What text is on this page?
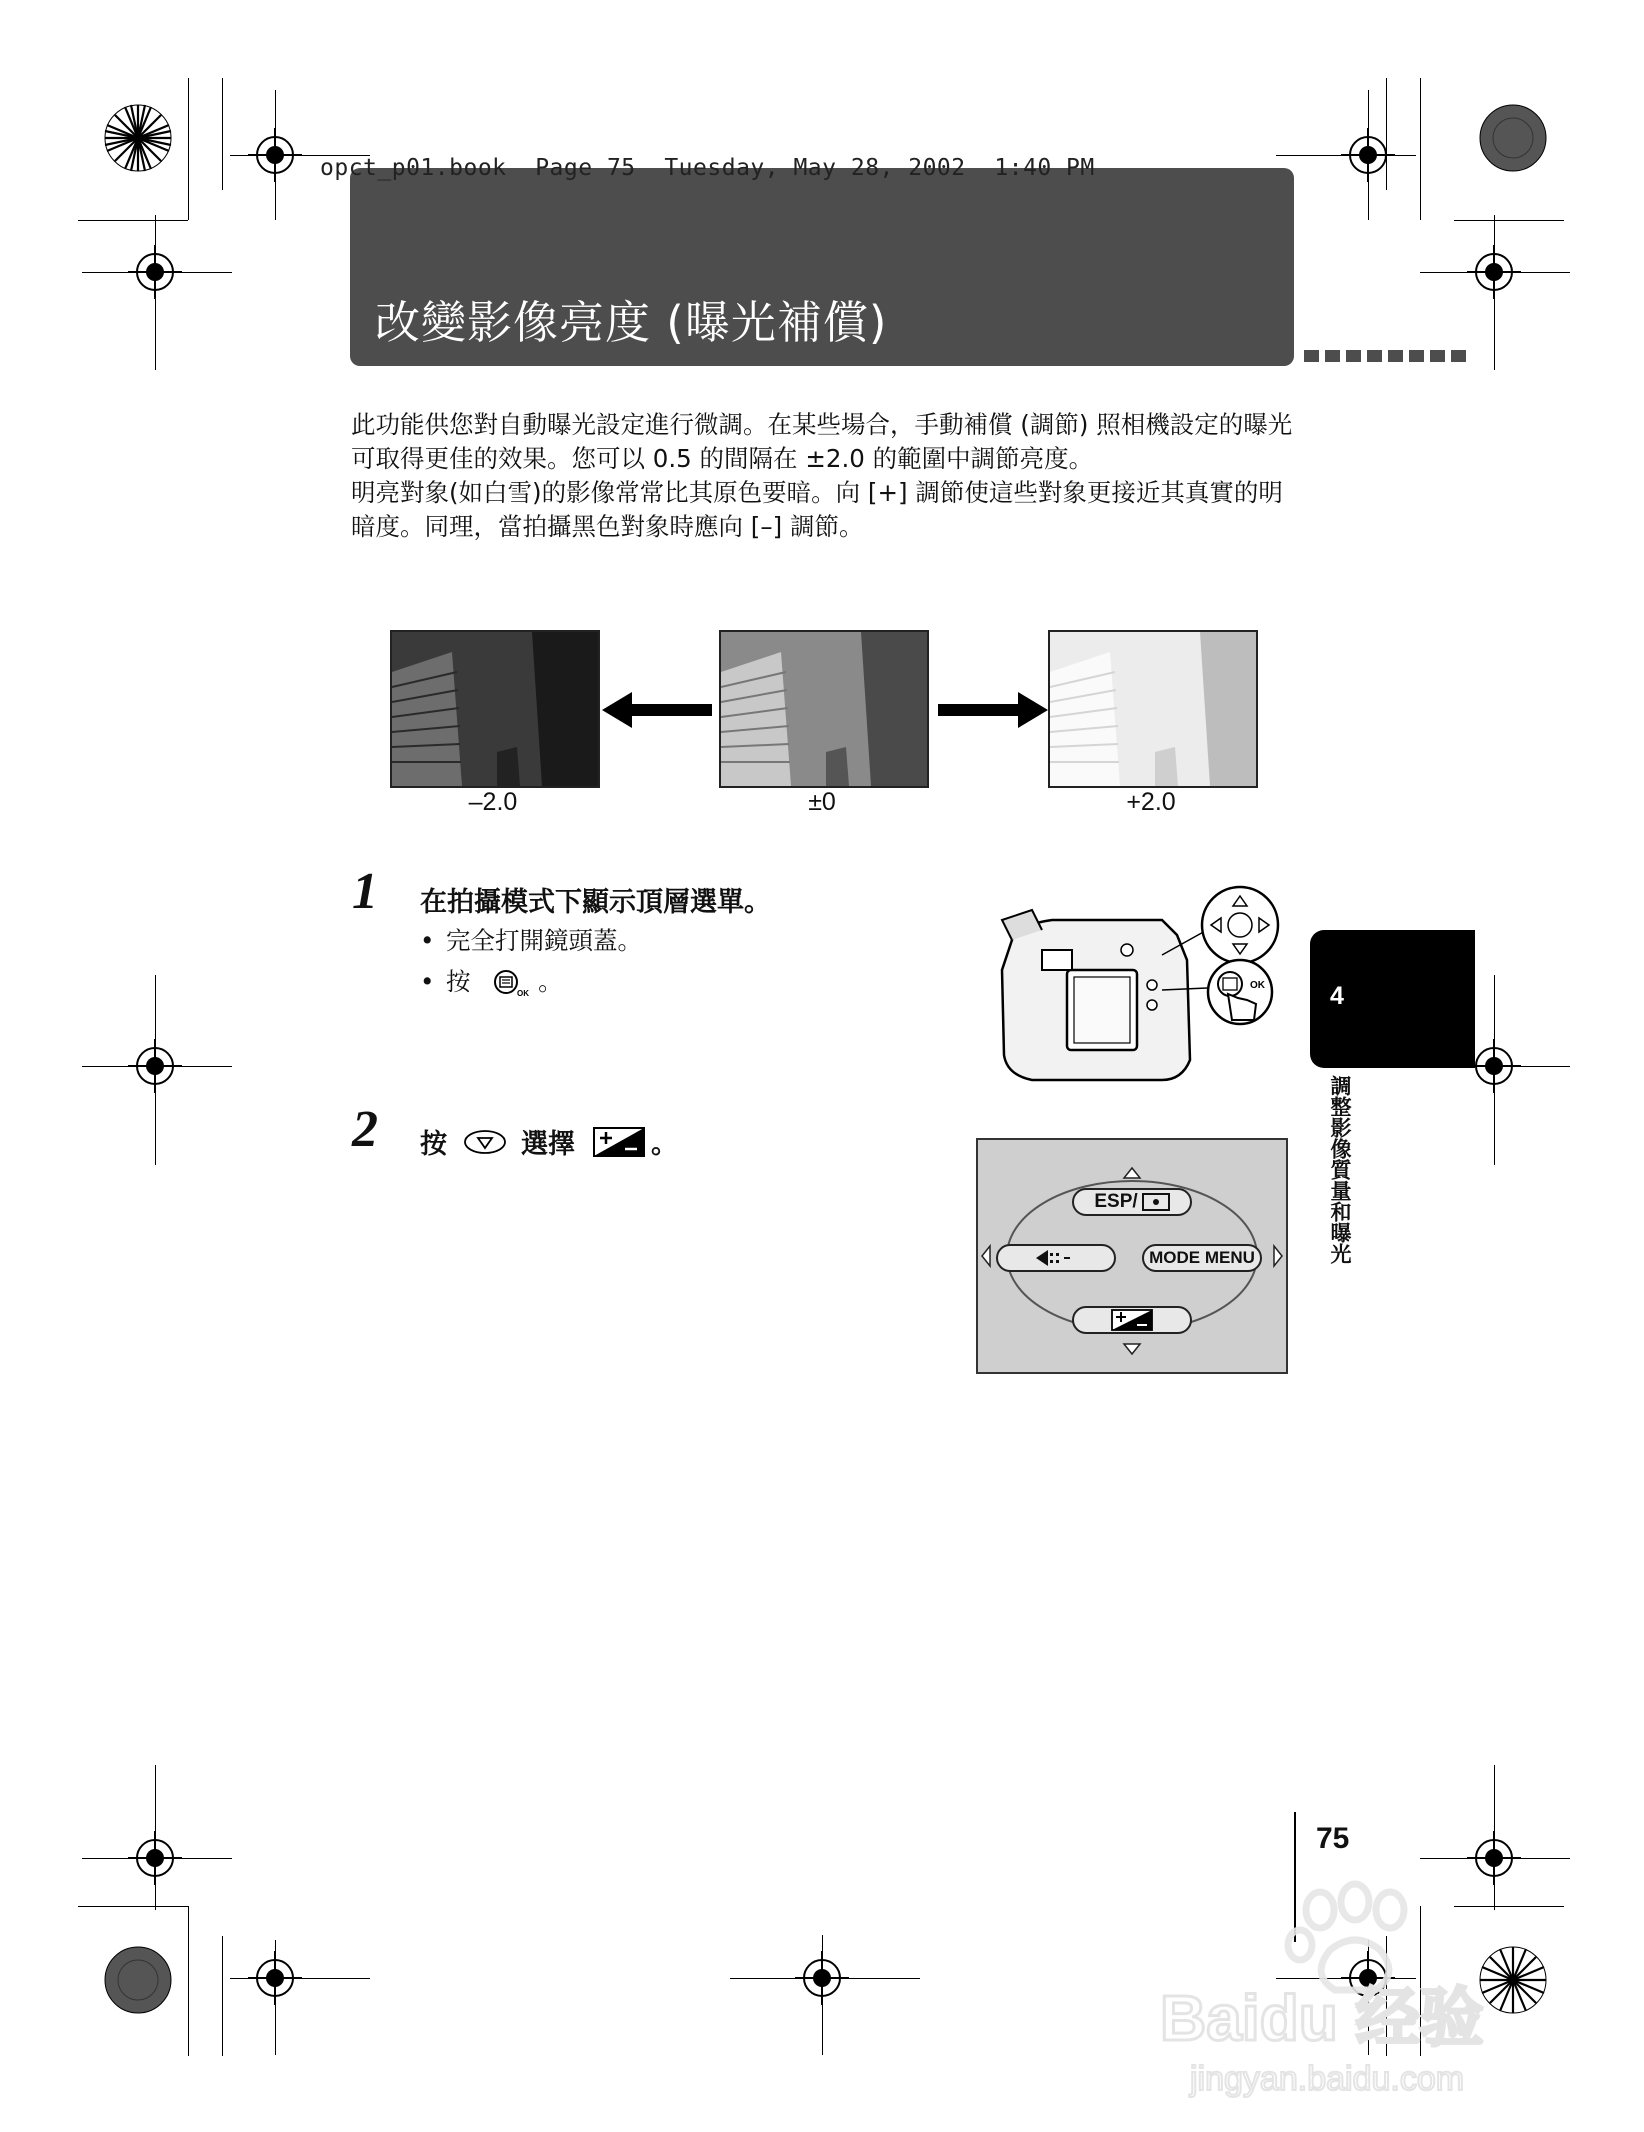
opct_p01.book  Page 75  Tuesday, May 28, 2002  1:40 PM
改變影像亮度 (曝光補償)

此功能供您對自動曝光設定進行微調。在某些場合，手動補償 (調節) 照相機設定的曝光可取得更佳的效果。您可以 0.5 的間隔在 ±2.0 的範圍中調節亮度。

明亮對象(如白雪)的影像常常比其原色要暗。向 [+] 調節使這些對象更接近其真實的明暗度。同理，當拍攝黑色對象時應向 [–] 調節。

–2.0	±0	+2.0
1 在拍攝模式下顯示頂層選單。
• 完全打開鏡頭蓋。
• 按	OK 。	OK
2 按	選擇	。
ESP/
MODE MENU
4
調整影像質量和曝光
75
Baidu 经验
jingyan.baidu.com
